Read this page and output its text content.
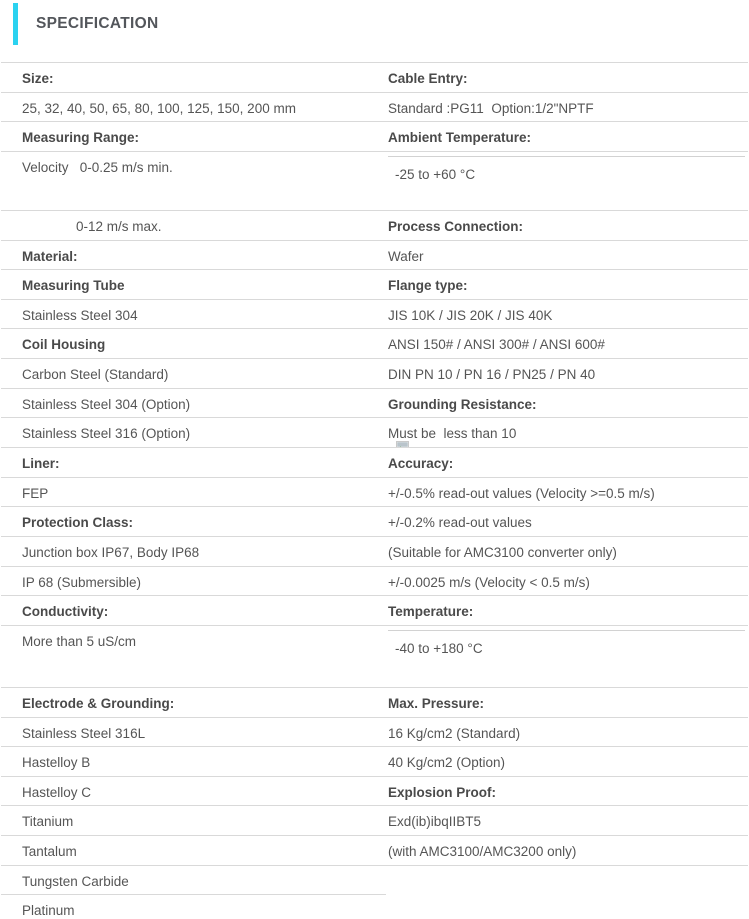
SPECIFICATION
Size:	Cable Entry:
25, 32, 40, 50, 65, 80, 100, 125, 150, 200 mm	Standard :PG11  Option:1/2"NPTF
Measuring Range:	Ambient Temperature:
Velocity   0-0.25 m/s min.	-25 to +60 °C
0-12 m/s max.	Process Connection:
Material:	Wafer
Measuring Tube	Flange type:
Stainless Steel 304	JIS 10K / JIS 20K / JIS 40K
Coil Housing	ANSI 150# / ANSI 300# / ANSI 600#
Carbon Steel (Standard)	DIN PN 10 / PN 16 / PN25 / PN 40
Stainless Steel 304 (Option)	Grounding Resistance:
Stainless Steel 316 (Option)	Must be  less than 10

Liner:	Accuracy:
FEP	+/-0.5% read-out values (Velocity >=0.5 m/s)
Protection Class:	+/-0.2% read-out values
Junction box IP67, Body IP68	(Suitable for AMC3100 converter only)
IP 68 (Submersible)	+/-0.0025 m/s (Velocity < 0.5 m/s)
Conductivity:	Temperature:
More than 5 uS/cm	-40 to +180 °C
Electrode & Grounding:	Max. Pressure:
Stainless Steel 316L	16 Kg/cm2 (Standard)
Hastelloy B	40 Kg/cm2 (Option)
Hastelloy C	Explosion Proof:
Titanium	Exd(ib)ibqIIBT5
Tantalum	(with AMC3100/AMC3200 only)
Tungsten Carbide
Platinum
